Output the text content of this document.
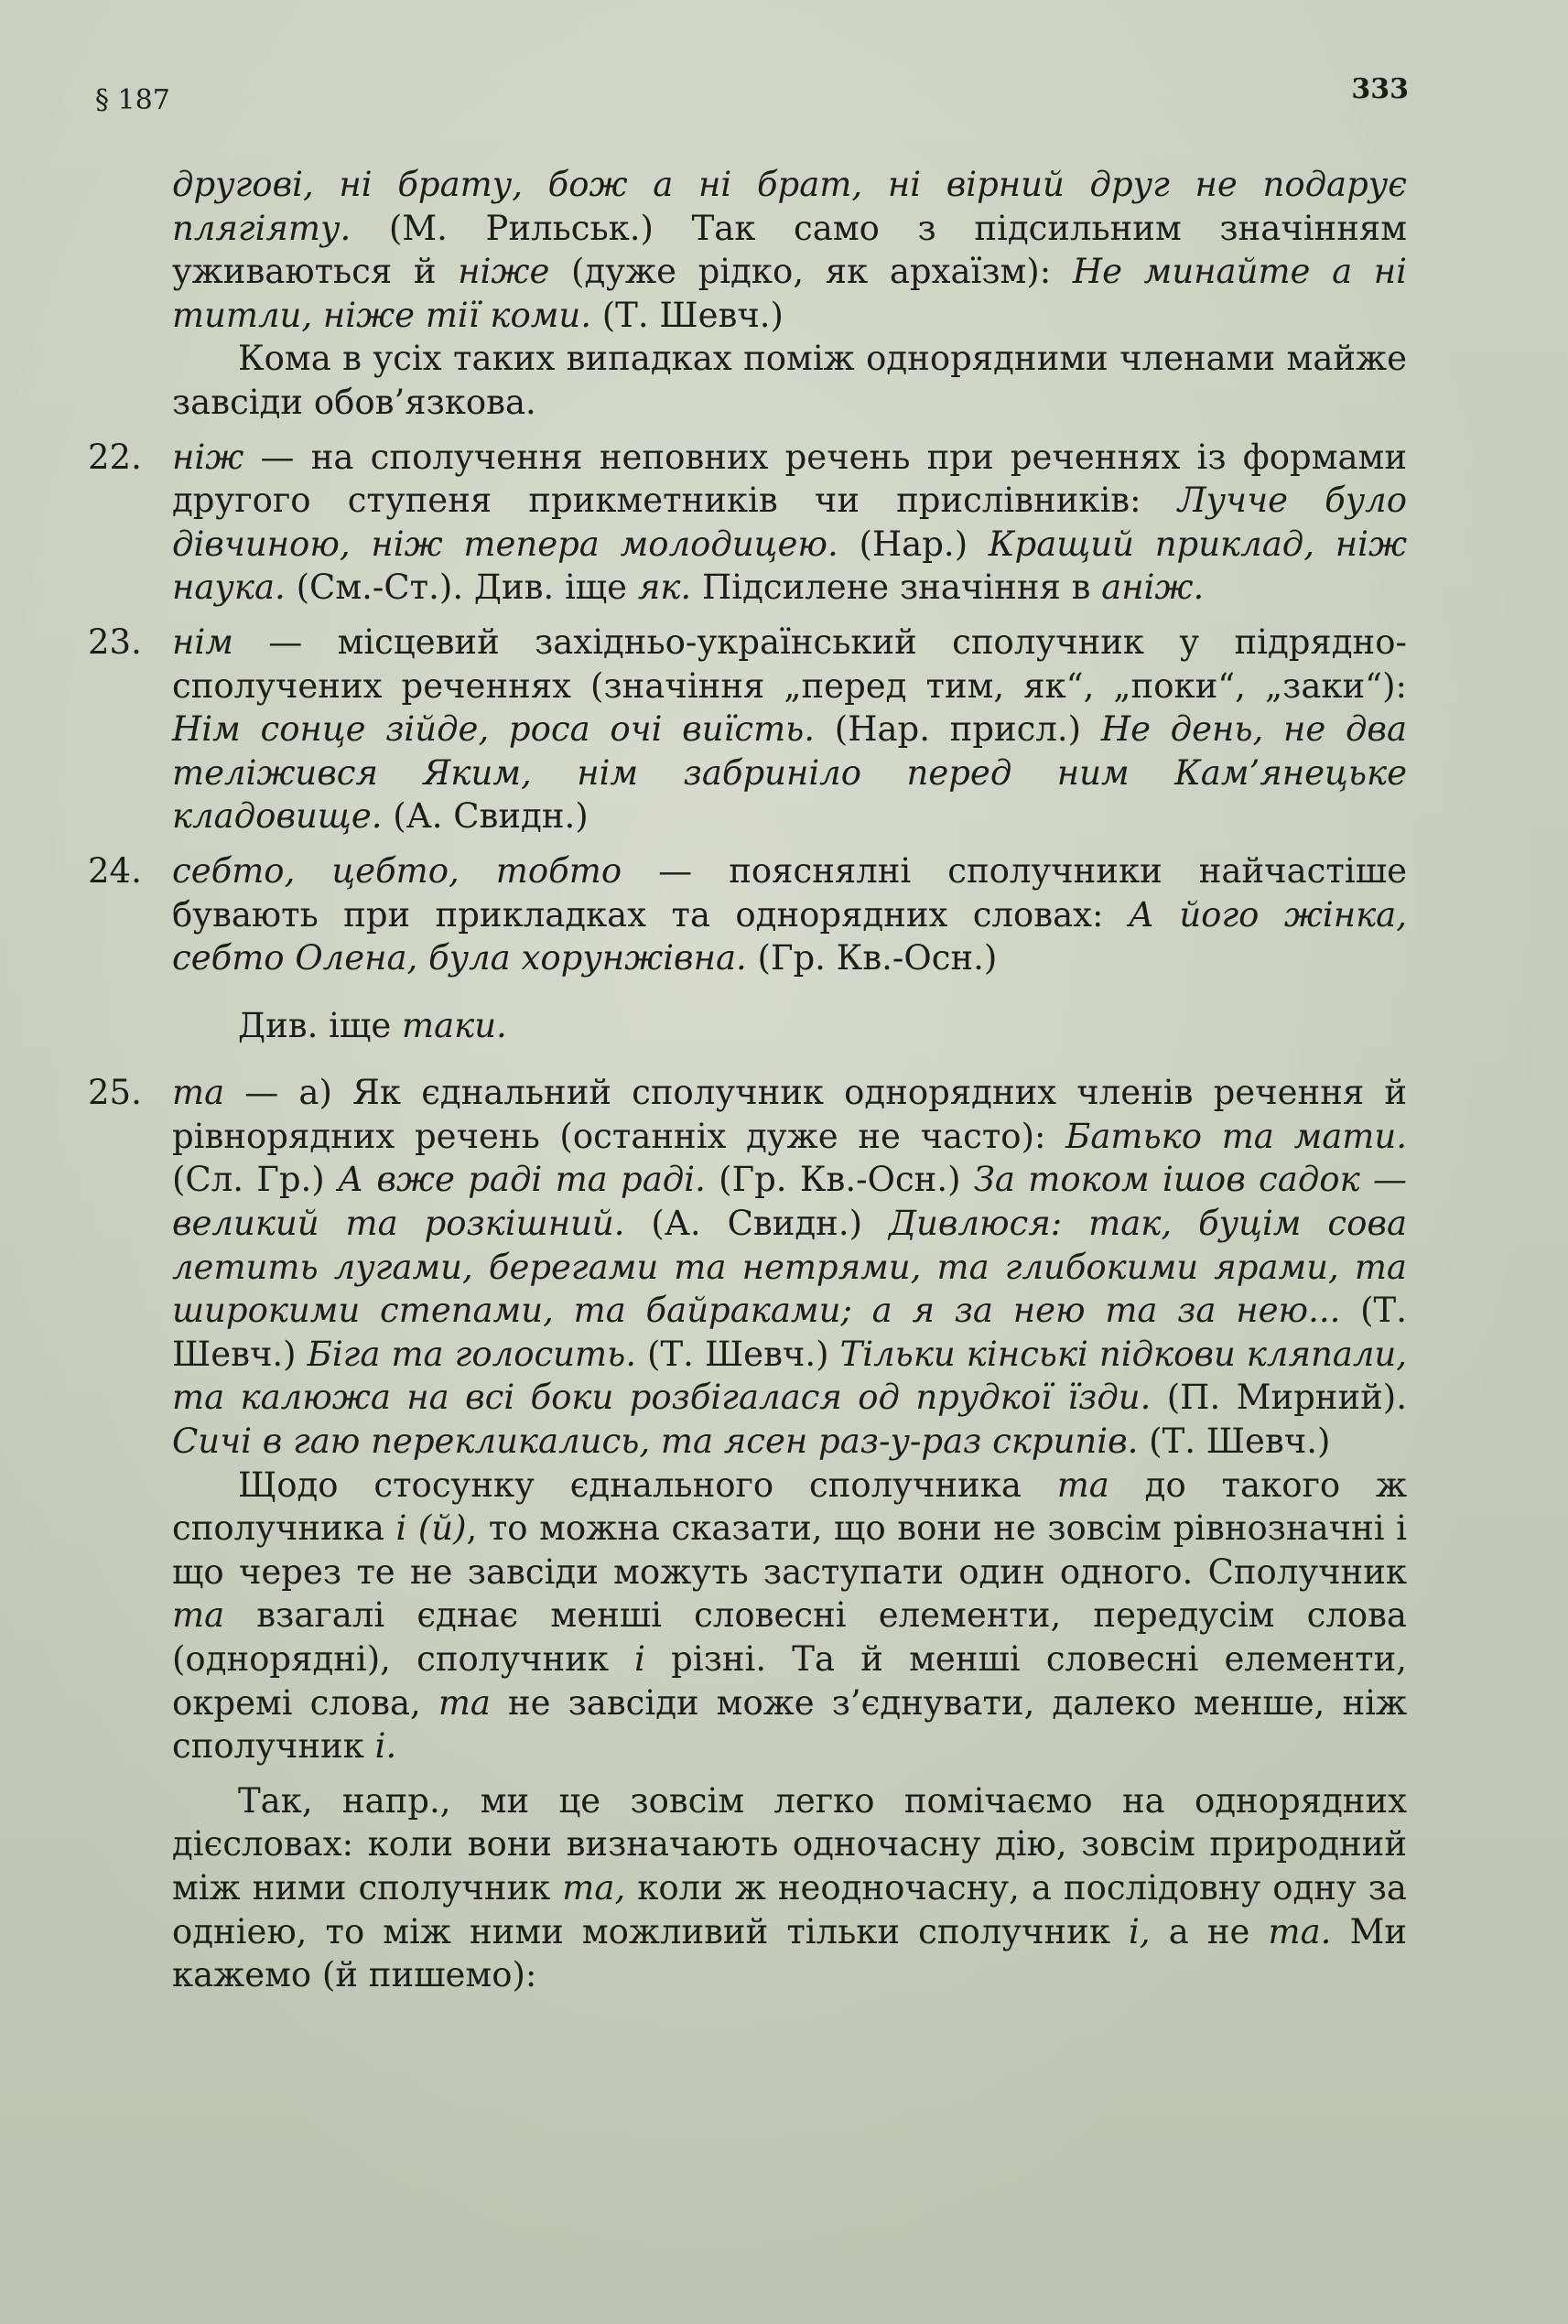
§ 187	333

другові, ні брату, бож а ні брат, ні вірний друг не подарує плягіяту. (М. Рильськ.) Так само з підсильним значінням уживаються й ніже (дуже рідко, як архаїзм): Не минайте а ні титли, ніже тії коми. (Т. Шевч.)

Кома в усіх таких випадках поміж однорядними членами майже завсіди обов’язкова.

22. ніж — на сполучення неповних речень при реченнях із формами другого ступеня прикметників чи прислівників: Лучче було дівчиною, ніж тепера молодицею. (Нар.) Кращий приклад, ніж наука. (См.-Ст.). Див. іще як. Підсилене значіння в аніж.

23. нім — місцевий західньо-український сполучник у підрядно-сполучених реченнях (значіння „перед тим, як“, „поки“, „заки“): Нім сонце зійде, роса очі виїсть. (Нар. присл.) Не день, не два теліжився Яким, нім забриніло перед ним Кам’янецьке кладовище. (А. Свидн.)

24. себто, цебто, тобто — пояснялні сполучники найчастіше бувають при прикладках та однорядних словах: А його жінка, себто Олена, була хорунжівна. (Гр. Кв.-Осн.)

Див. іще таки.

25. та — а) Як єднальний сполучник однорядних членів речення й рівнорядних речень (останніх дуже не часто): Батько та мати. (Сл. Гр.) А вже раді та раді. (Гр. Кв.-Осн.) За током ішов садок — великий та розкішний. (А. Свидн.) Дивлюся: так, буцім сова летить лугами, берегами та нетрями, та глибокими ярами, та широкими степами, та байраками; а я за нею та за нею... (Т. Шевч.) Біга та голосить. (Т. Шевч.) Тільки кінські підкови кляпали, та калюжа на всі боки розбігалася од прудкої їзди. (П. Мирний). Сичі в гаю перекликались, та ясен раз-у-раз скрипів. (Т. Шевч.)

Щодо стосунку єднального сполучника та до такого ж сполучника і (й), то можна сказати, що вони не зовсім рівнозначні і що через те не завсіди можуть заступати один одного. Сполучник та взагалі єднає менші словесні елементи, передусім слова (однорядні), сполучник і різні. Та й менші словесні елементи, окремі слова, та не завсіди може з’єднувати, далеко менше, ніж сполучник і.

Так, напр., ми це зовсім легко помічаємо на однорядних дієсловах: коли вони визначають одночасну дію, зовсім природний між ними сполучник та, коли ж неодночасну, а послідовну одну за одніею, то між ними можливий тільки сполучник і, а не та. Ми кажемо (й пишемо):
